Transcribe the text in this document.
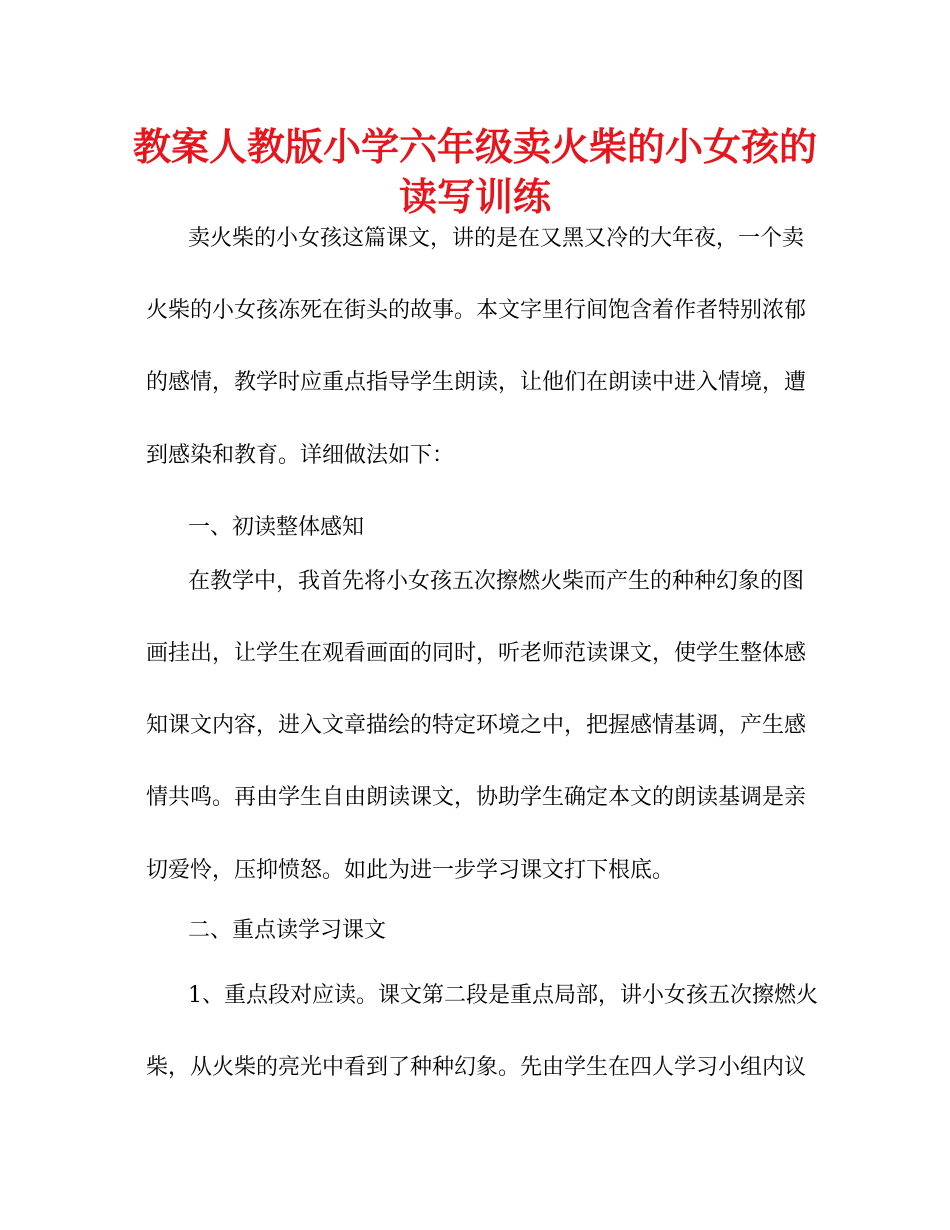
教案人教版小学六年级卖火柴的小女孩的
读写训练
卖火柴的小女孩这篇课文，讲的是在又黑又冷的大年夜，一个卖
火柴的小女孩冻死在街头的故事。本文字里行间饱含着作者特别浓郁
的感情，教学时应重点指导学生朗读，让他们在朗读中进入情境，遭
到感染和教育。详细做法如下：
一、初读整体感知
在教学中，我首先将小女孩五次擦燃火柴而产生的种种幻象的图
画挂出，让学生在观看画面的同时，听老师范读课文，使学生整体感
知课文内容，进入文章描绘的特定环境之中，把握感情基调，产生感
情共鸣。再由学生自由朗读课文，协助学生确定本文的朗读基调是亲
切爱怜，压抑愤怒。如此为进一步学习课文打下根底。
二、重点读学习课文
1、重点段对应读。课文第二段是重点局部，讲小女孩五次擦燃火
柴，从火柴的亮光中看到了种种幻象。先由学生在四人学习小组内议
